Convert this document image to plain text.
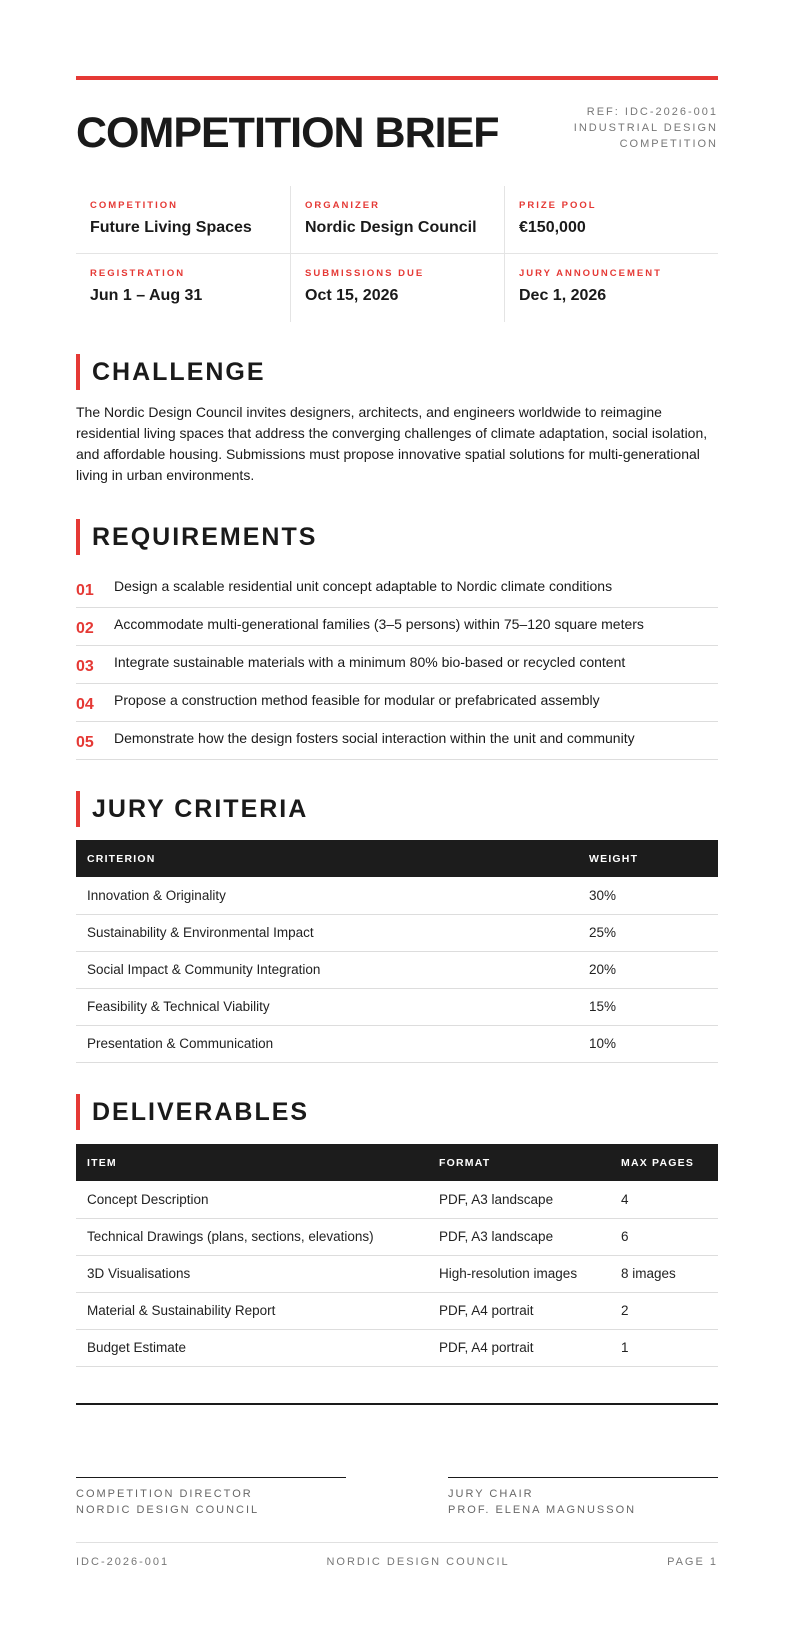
COMPETITION BRIEF	REF: IDC-2026-001
INDUSTRIAL DESIGN
COMPETITION
COMPETITION
Future Living Spaces
ORGANIZER
Nordic Design Council
PRIZE POOL
€150,000
REGISTRATION
Jun 1 – Aug 31
SUBMISSIONS DUE
Oct 15, 2026
JURY ANNOUNCEMENT
Dec 1, 2026
CHALLENGE

The Nordic Design Council invites designers, architects, and engineers worldwide to reimagine residential living spaces that address the converging challenges of climate adaptation, social isolation, and affordable housing. Submissions must propose innovative spatial solutions for multi-generational living in urban environments.

REQUIREMENTS
01	Design a scalable residential unit concept adaptable to Nordic climate conditions
02	Accommodate multi-generational families (3–5 persons) within 75–120 square meters
03	Integrate sustainable materials with a minimum 80% bio-based or recycled content
04	Propose a construction method feasible for modular or prefabricated assembly
05	Demonstrate how the design fosters social interaction within the unit and community
JURY CRITERIA
CRITERION	WEIGHT
Innovation & Originality	30%
Sustainability & Environmental Impact	25%
Social Impact & Community Integration	20%
Feasibility & Technical Viability	15%
Presentation & Communication	10%
DELIVERABLES
ITEM	FORMAT	MAX PAGES
Concept Description	PDF, A3 landscape	4
Technical Drawings (plans, sections, elevations)	PDF, A3 landscape	6
3D Visualisations	High-resolution images	8 images
Material & Sustainability Report	PDF, A4 portrait	2
Budget Estimate	PDF, A4 portrait	1
COMPETITION DIRECTOR
NORDIC DESIGN COUNCIL
JURY CHAIR
PROF. ELENA MAGNUSSON
IDC-2026-001	NORDIC DESIGN COUNCIL	PAGE 1
